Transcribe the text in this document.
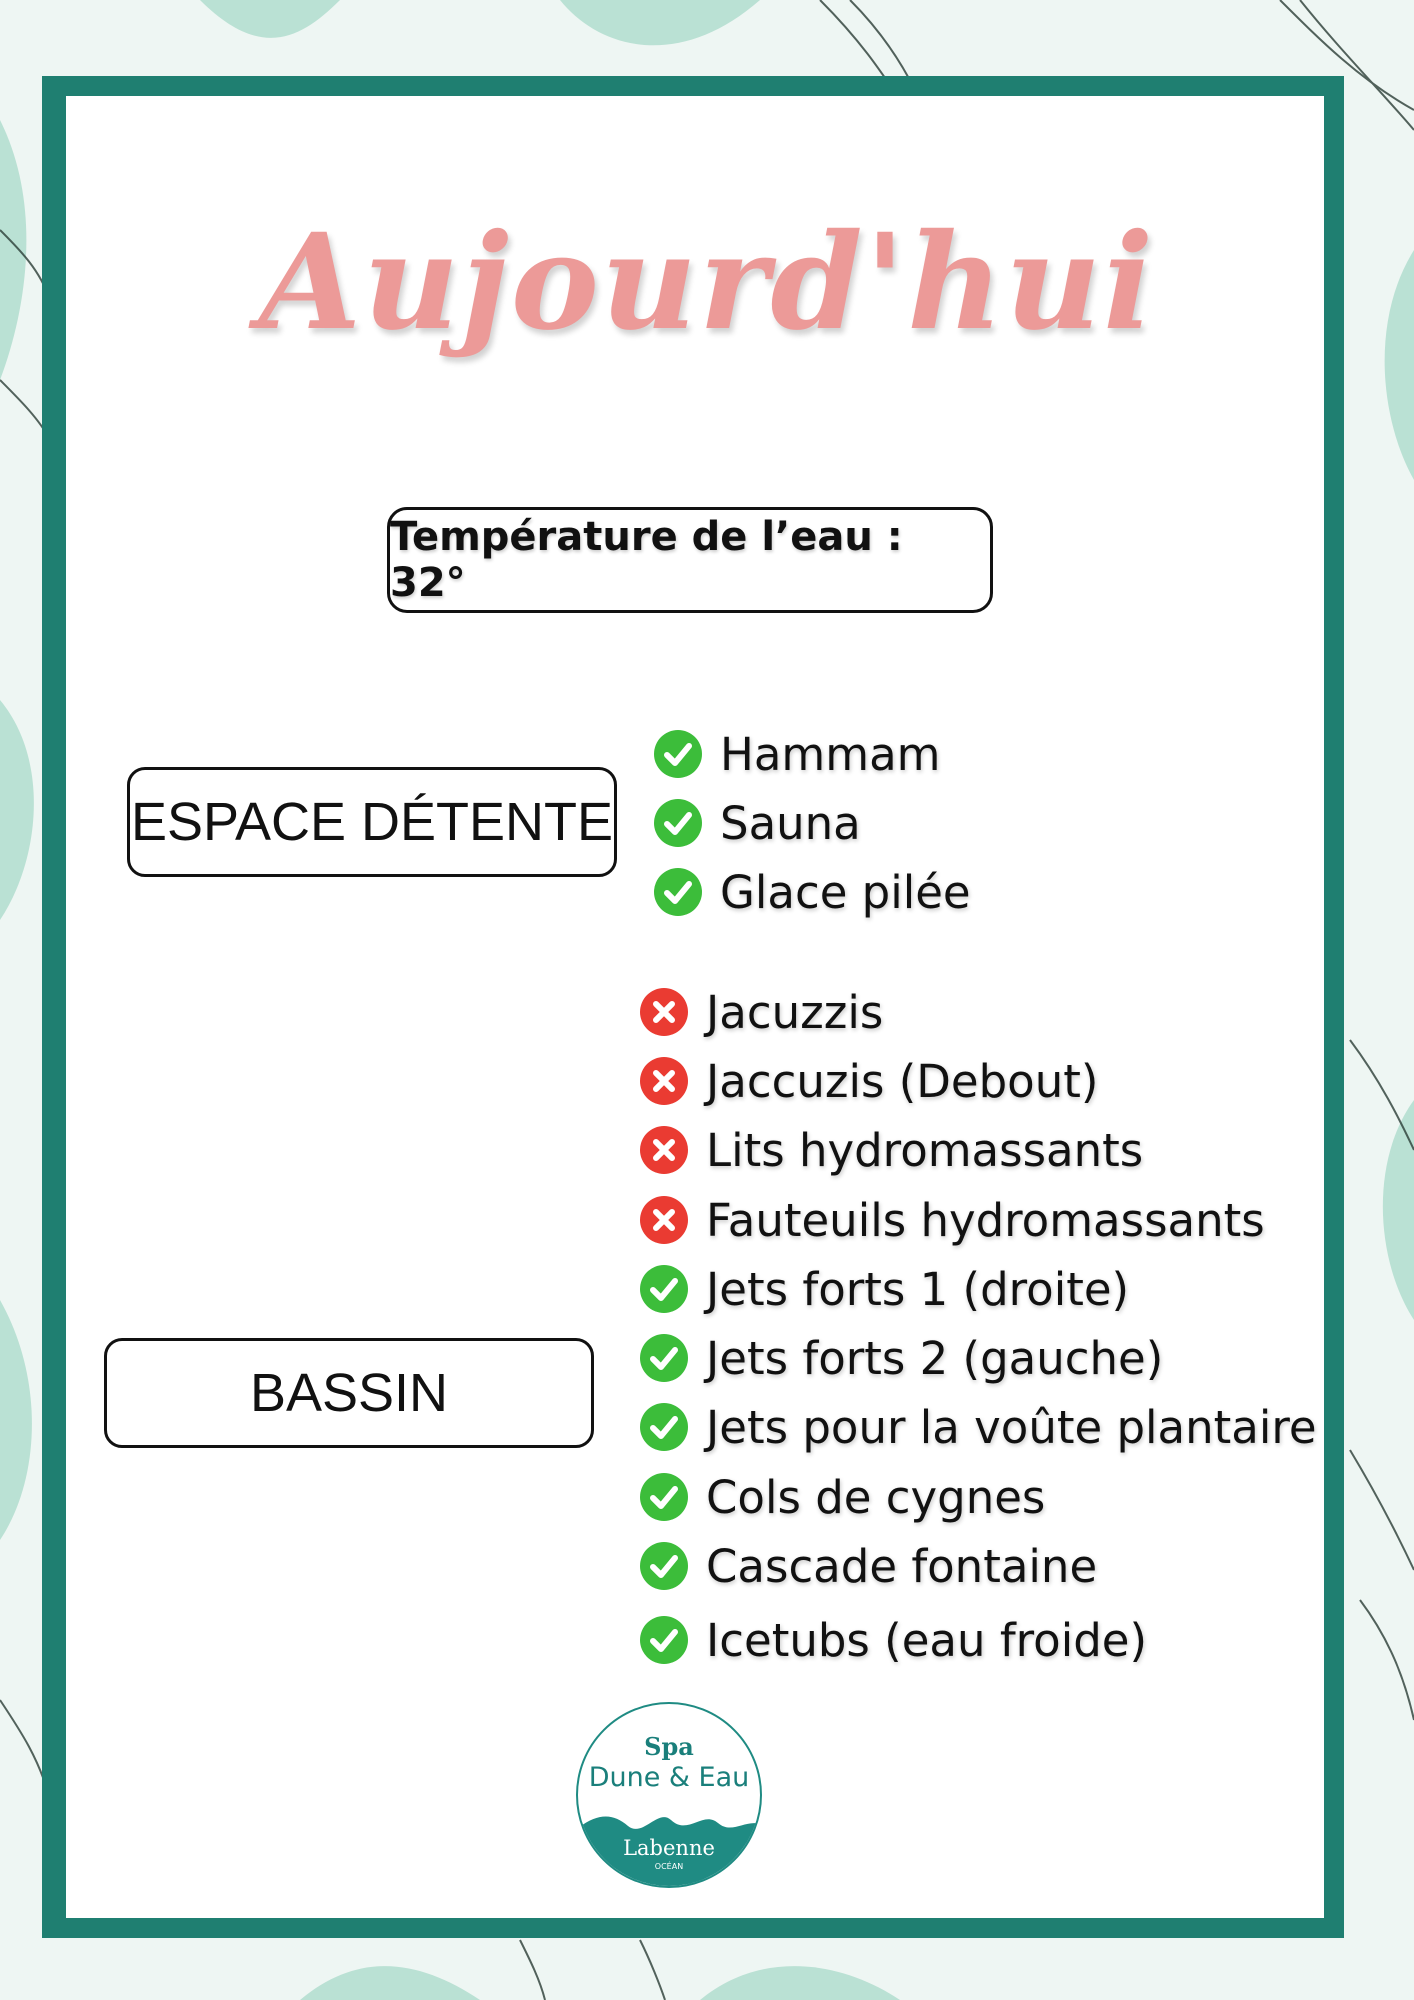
Aujourd'hui
Température de l’eau : 32°
ESPACE DÉTENTE
BASSIN
Hammam
Sauna
Glace pilée
Jacuzzis
Jaccuzis (Debout)
Lits hydromassants
Fauteuils hydromassants
Jets forts 1 (droite)
Jets forts 2 (gauche)
Jets pour la voûte plantaire
Cols de cygnes
Cascade fontaine
Icetubs (eau froide)
Spa
Dune & Eau
Labenne
OCÉAN
